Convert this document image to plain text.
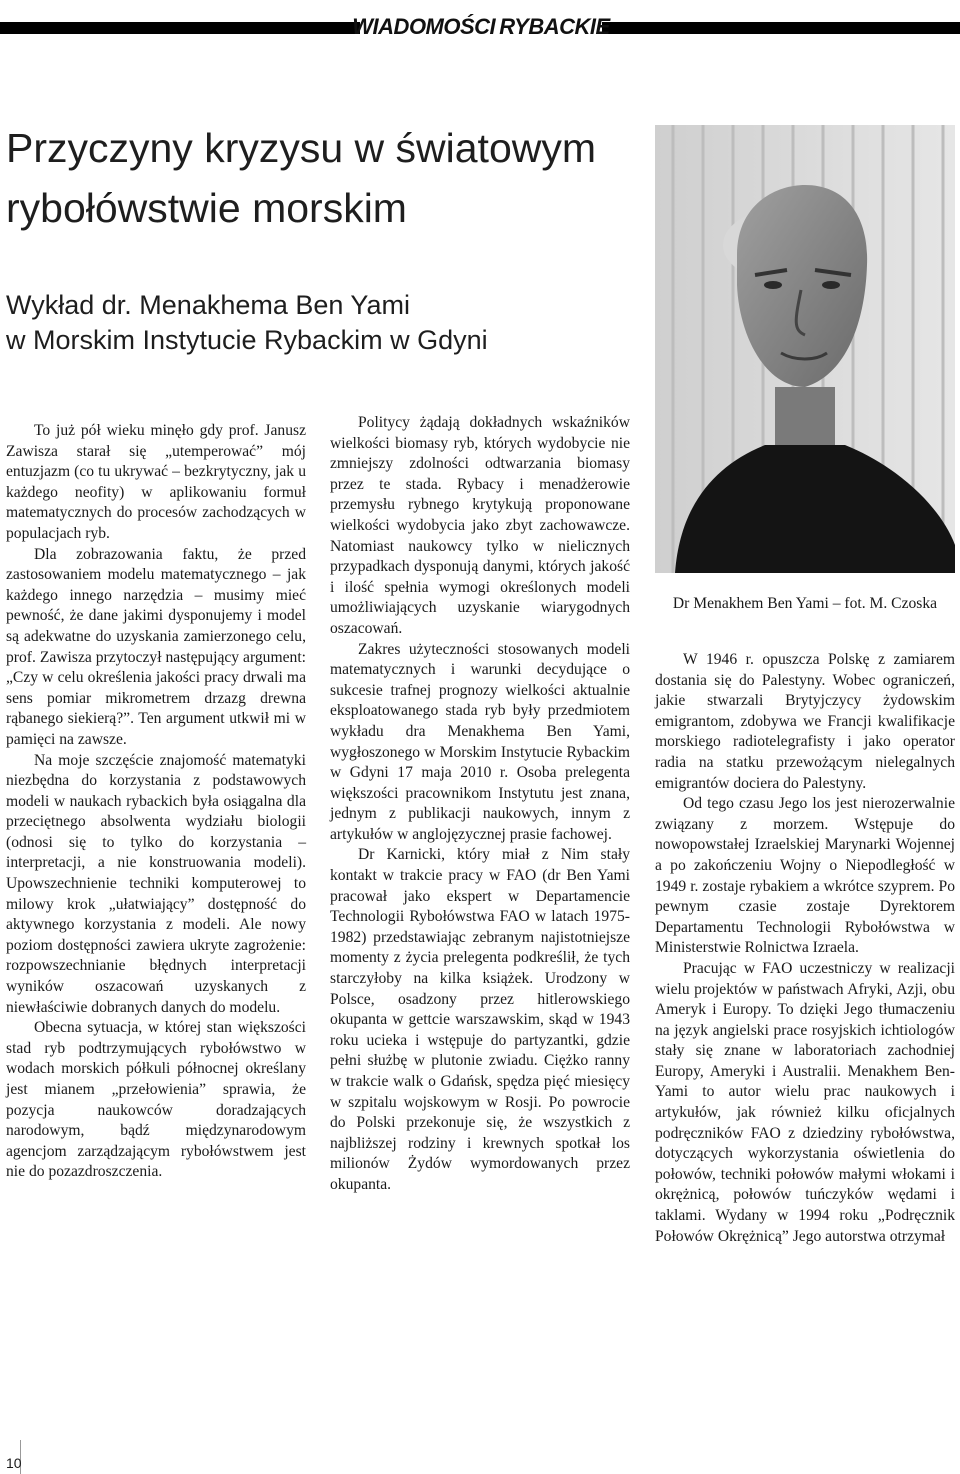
WIADOMOŚCI RYBACKIE
Przyczyny kryzysu w światowym rybołówstwie morskim
Wykład dr. Menakhema Ben Yami
w Morskim Instytucie Rybackim w Gdyni
Dr Menakhem Ben Yami – fot. M. Czoska

To już pół wieku minęło gdy prof. Janusz Zawisza starał się „utemperować” mój entuzjazm (co tu ukrywać – bezkrytyczny, jak u każdego neofity) w aplikowaniu formuł matematycznych do procesów zachodzących w populacjach ryb.

Dla zobrazowania faktu, że przed zastosowaniem modelu matematycznego – jak każdego innego narzędzia – musimy mieć pewność, że dane jakimi dysponujemy i model są adekwatne do uzyskania zamierzonego celu, prof. Zawisza przytoczył następujący argument: „Czy w celu określenia jakości pracy drwali ma sens pomiar mikrometrem drzazg drewna rąbanego siekierą?”. Ten argument utkwił mi w pamięci na zawsze.

Na moje szczęście znajomość matematyki niezbędna do korzystania z podstawowych modeli w naukach rybackich była osiągalna dla przeciętnego absolwenta wydziału biologii (odnosi się to tylko do korzystania – interpretacji, a nie konstruowania modeli). Upowszechnienie techniki komputerowej to milowy krok „ułatwiający” dostępność do aktywnego korzystania z modeli. Ale nowy poziom dostępności zawiera ukryte zagrożenie: rozpowszechnianie błędnych interpretacji wyników oszacowań uzyskanych z niewłaściwie dobranych danych do modelu.

Obecna sytuacja, w której stan większości stad ryb podtrzymujących rybołówstwo w wodach morskich półkuli północnej określany jest mianem „przełowienia” sprawia, że pozycja naukowców doradzających narodowym, bądź międzynarodowym agencjom zarządzającym rybołówstwem jest nie do pozazdroszczenia.

Politycy żądają dokładnych wskaźników wielkości biomasy ryb, których wydobycie nie zmniejszy zdolności odtwarzania biomasy przez te stada. Rybacy i menadżerowie przemysłu rybnego krytykują proponowane wielkości wydobycia jako zbyt zachowawcze. Natomiast naukowcy tylko w nielicznych przypadkach dysponują danymi, których jakość i ilość spełnia wymogi określonych modeli umożliwiających uzyskanie wiarygodnych oszacowań.

Zakres użyteczności stosowanych modeli matematycznych i warunki decydujące o sukcesie trafnej prognozy wielkości aktualnie eksploatowanego stada ryb były przedmiotem wykładu dra Menakhema Ben Yami, wygłoszonego w Morskim Instytucie Rybackim w Gdyni 17 maja 2010 r. Osoba prelegenta większości pracownikom Instytutu jest znana, jednym z publikacji naukowych, innym z artykułów w anglojęzycznej prasie fachowej.

Dr Karnicki, który miał z Nim stały kontakt w trakcie pracy w FAO (dr Ben Yami pracował jako ekspert w Departamencie Technologii Rybołówstwa FAO w latach 1975-1982) przedstawiając zebranym najistotniejsze momenty z życia prelegenta podkreślił, że tych starczyłoby na kilka książek. Urodzony w Polsce, osadzony przez hitlerowskiego okupanta w gettcie warszawskim, skąd w 1943 roku ucieka i wstępuje do partyzantki, gdzie pełni służbę w plutonie zwiadu. Ciężko ranny w trakcie walk o Gdańsk, spędza pięć miesięcy w szpitalu wojskowym w Rosji. Po powrocie do Polski przekonuje się, że wszystkich z najbliższej rodziny i krewnych spotkał los milionów Żydów wymordowanych przez okupanta.

W 1946 r. opuszcza Polskę z zamiarem dostania się do Palestyny. Wobec ograniczeń, jakie stwarzali Brytyjczycy żydowskim emigrantom, zdobywa we Francji kwalifikacje morskiego radiotelegrafisty i jako operator radia na statku przewożącym nielegalnych emigrantów dociera do Palestyny.

Od tego czasu Jego los jest nierozerwalnie związany z morzem. Wstępuje do nowopowstałej Izraelskiej Marynarki Wojennej a po zakończeniu Wojny o Niepodległość w 1949 r. zostaje rybakiem a wkrótce szyprem. Po pewnym czasie zostaje Dyrektorem Departamentu Technologii Rybołówstwa w Ministerstwie Rolnictwa Izraela.

Pracując w FAO uczestniczy w realizacji wielu projektów w państwach Afryki, Azji, obu Ameryk i Europy. To dzięki Jego tłumaczeniu na język angielski prace rosyjskich ichtiologów stały się znane w laboratoriach zachodniej Europy, Ameryki i Australii. Menakhem Ben-Yami to autor wielu prac naukowych i artykułów, jak również kilku oficjalnych podręczników FAO z dziedziny rybołówstwa, dotyczących wykorzystania oświetlenia do połowów, techniki połowów małymi włokami i okrężnicą, połowów tuńczyków wędami i taklami. Wydany w 1994 roku „Podręcznik Połowów Okrężnicą” Jego autorstwa otrzymał

10
